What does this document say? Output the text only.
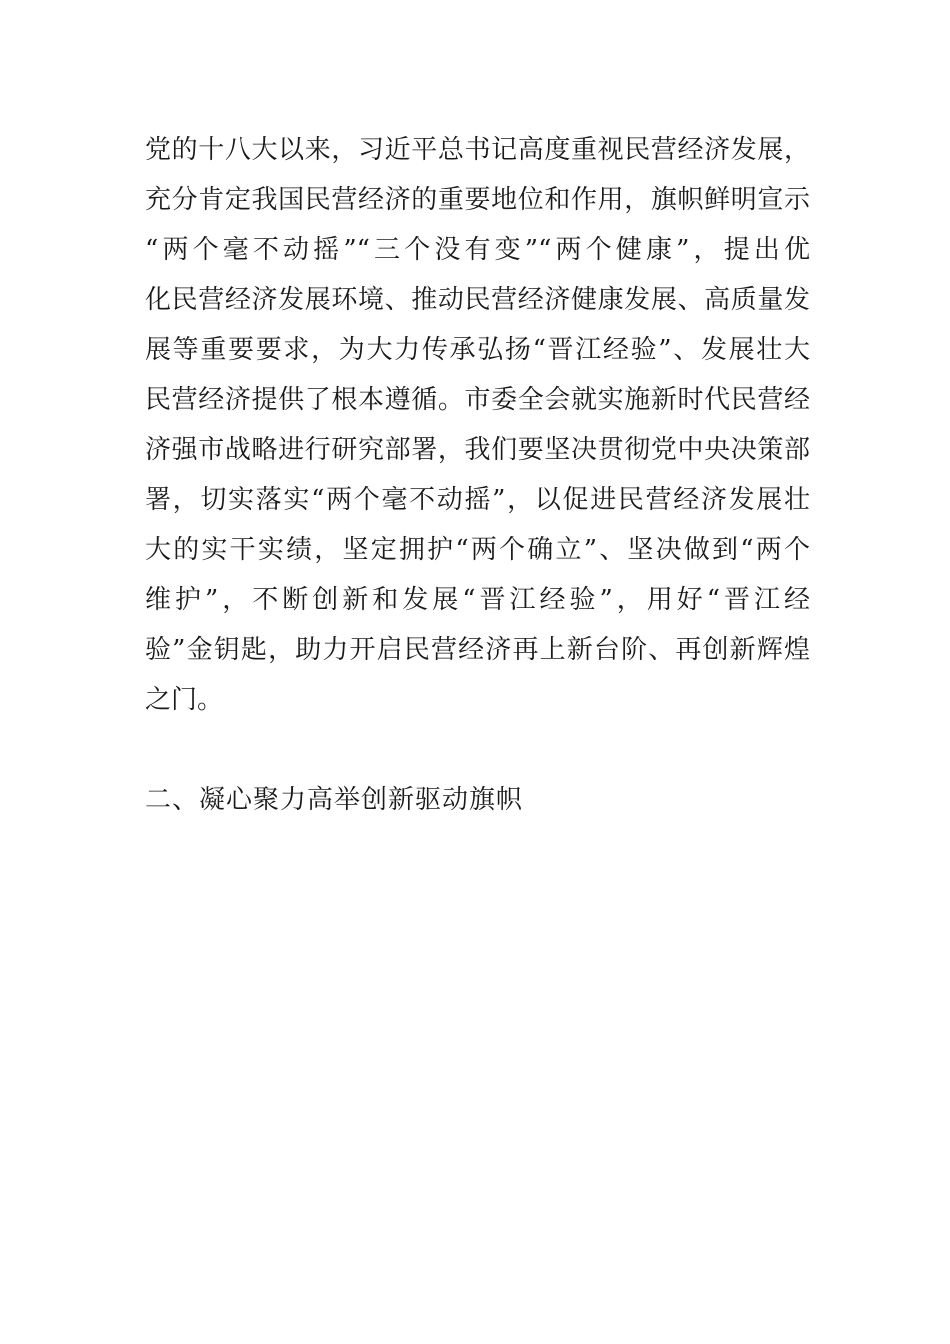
党的十八大以来，习近平总书记高度重视民营经济发展，
充分肯定我国民营经济的重要地位和作用，旗帜鲜明宣示
“两个毫不动摇”“三个没有变”“两个健康”，提出优
化民营经济发展环境、推动民营经济健康发展、高质量发
展等重要要求，为大力传承弘扬“晋江经验”、发展壮大
民营经济提供了根本遵循。市委全会就实施新时代民营经
济强市战略进行研究部署，我们要坚决贯彻党中央决策部
署，切实落实“两个毫不动摇”，以促进民营经济发展壮
大的实干实绩，坚定拥护“两个确立”、坚决做到“两个
维护”，不断创新和发展“晋江经验”，用好“晋江经
验”金钥匙，助力开启民营经济再上新台阶、再创新辉煌
之门。
二、凝心聚力高举创新驱动旗帜
